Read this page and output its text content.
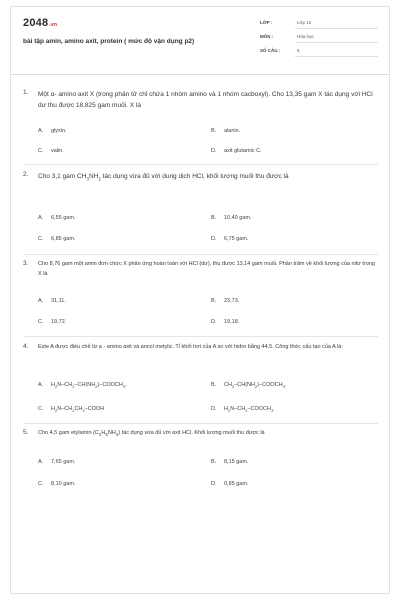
2048.vn
bài tập amin, amino axit, protein ( mức độ vận dụng p2)
LỚP :	Lớp 12
MÔN :	Hóa học
SỐ CÂU :	5
1. Một α- amino axit X (trong phân tử chỉ chứa 1 nhóm amino và 1 nhóm cacboxyl). Cho 13,35 gam X tác dụng với HCl dư thu được 18,825 gam muối. X là
A. glyxin.	B. alanin.
C. valin.	D. axit glutamic C.
2. Cho 3,1 gam $CH_3NH_2$ tác dụng vừa đủ với dung dịch HCl, khối lượng muối thu được là
A. 6,55 gam.	B. 10,40 gam.
C. 6,85 gam.	D. 6,75 gam.
3. Cho 8,76 gam một amin đơn chức X phản ứng hoàn toàn với HCl (dư), thu được 13,14 gam muối. Phần trăm về khối lượng của nitơ trong X là
A. 31,11.	B. 23,73.
C. 19,72.	D. 19,18.
4. Este A được điều chế từ a - amino axit và ancol metylic. Tỉ khối hơi của A so với hidro bằng 44,5. Công thức cấu tạo của A là:
A. $H_2N-CH_2-CH(NH_2)-COOCH_3$.	B. $CH_3-CH(NH_2)-COOCH_3$.
C. $H_2N-CH_2CH_2$–COOH	D. $H_2N-CH_2-COOCH_3$.
5. Cho 4,5 gam etylamin $(C_2H_5NH_2)$ tác dụng vừa đủ với axit HCl. Khối lượng muối thu được là
A. 7,65 gam.	B. 8,15 gam.
C. 8,10 gam.	D. 0,85 gam.
